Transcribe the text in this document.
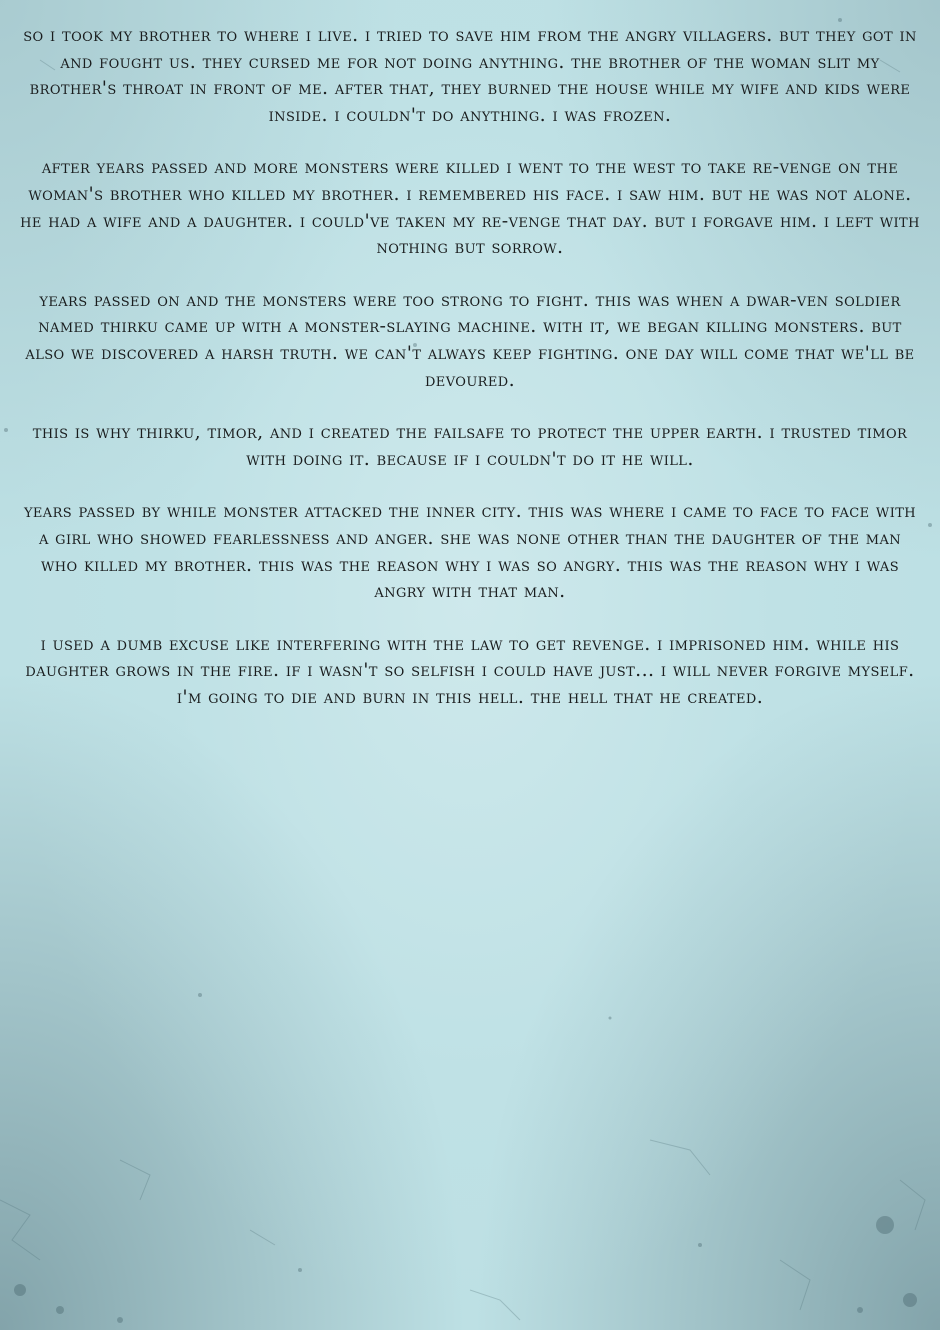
so i took my brother to where i live. i tried to save him from the angry villagers. but they got in and fought us. they cursed me for not doing anything. the brother of the woman slit my brother's throat in front of me. after that, they burned the house while my wife and kids were inside. i couldn't do anything. i was frozen.

after years passed and more monsters were killed i went to the west to take re-venge on the woman's brother who killed my brother. i remembered his face. i saw him. but he was not alone. he had a wife and a daughter. i could've taken my re-venge that day. but i forgave him. i left with nothing but sorrow.

years passed on and the monsters were too strong to fight. this was when a dwar-ven soldier named thirku came up with a monster-slaying machine. with it, we began killing monsters. but also we discovered a harsh truth. we can't always keep fighting. one day will come that we'll be devoured.

this is why thirku, timor, and i created the failsafe to protect the upper earth. i trusted timor with doing it. because if i couldn't do it he will.

years passed by while monster attacked the inner city. this was where i came to face to face with a girl who showed fearlessness and anger. she was none other than the daughter of the man who killed my brother. this was the reason why i was so angry. this was the reason why i was angry with that man.

i used a dumb excuse like interfering with the law to get revenge. i imprisoned him. while his daughter grows in the fire. if i wasn't so selfish i could have just... i will never forgive myself. i'm going to die and burn in this hell. the hell that he created.
